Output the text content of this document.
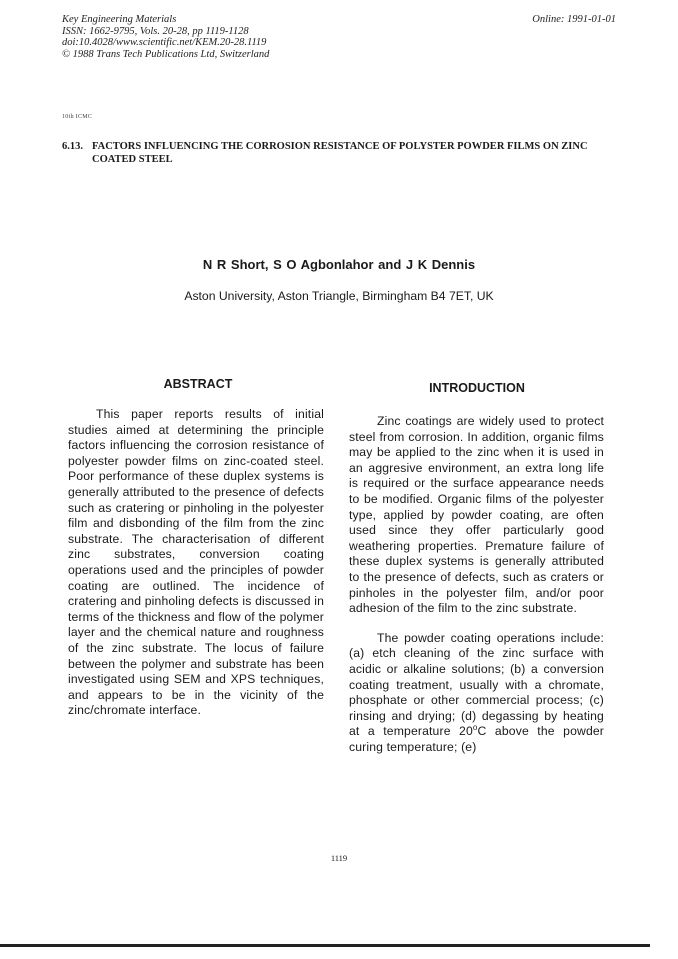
Key Engineering Materials
ISSN: 1662-9795, Vols. 20-28, pp 1119-1128
doi:10.4028/www.scientific.net/KEM.20-28.1119
© 1988 Trans Tech Publications Ltd, Switzerland
Online: 1991-01-01
10th ICMC
6.13. FACTORS INFLUENCING THE CORROSION RESISTANCE OF POLYSTER POWDER FILMS ON ZINC
COATED STEEL
N R Short, S O Agbonlahor and J K Dennis
Aston University, Aston Triangle, Birmingham B4 7ET, UK
ABSTRACT

This paper reports results of initial studies aimed at determining the principle factors influencing the corrosion resistance of polyester powder films on zinc-coated steel. Poor performance of these duplex systems is generally attributed to the presence of defects such as cratering or pinholing in the polyester film and disbonding of the film from the zinc substrate. The characterisation of different zinc substrates, conversion coating operations used and the principles of powder coating are outlined. The incidence of cratering and pinholing defects is discussed in terms of the thickness and flow of the polymer layer and the chemical nature and roughness of the zinc substrate. The locus of failure between the polymer and substrate has been investigated using SEM and XPS techniques, and appears to be in the vicinity of the zinc/chromate interface.

INTRODUCTION

Zinc coatings are widely used to protect steel from corrosion. In addition, organic films may be applied to the zinc when it is used in an aggresive environment, an extra long life is required or the surface appearance needs to be modified. Organic films of the polyester type, applied by powder coating, are often used since they offer particularly good weathering properties. Premature failure of these duplex systems is generally attributed to the presence of defects, such as craters or pinholes in the polyester film, and/or poor adhesion of the film to the zinc substrate.

The powder coating operations include: (a) etch cleaning of the zinc surface with acidic or alkaline solutions; (b) a conversion coating treatment, usually with a chromate, phosphate or other commercial process; (c) rinsing and drying; (d) degassing by heating at a temperature 20$^o$C above the powder curing temperature; (e)

1119
